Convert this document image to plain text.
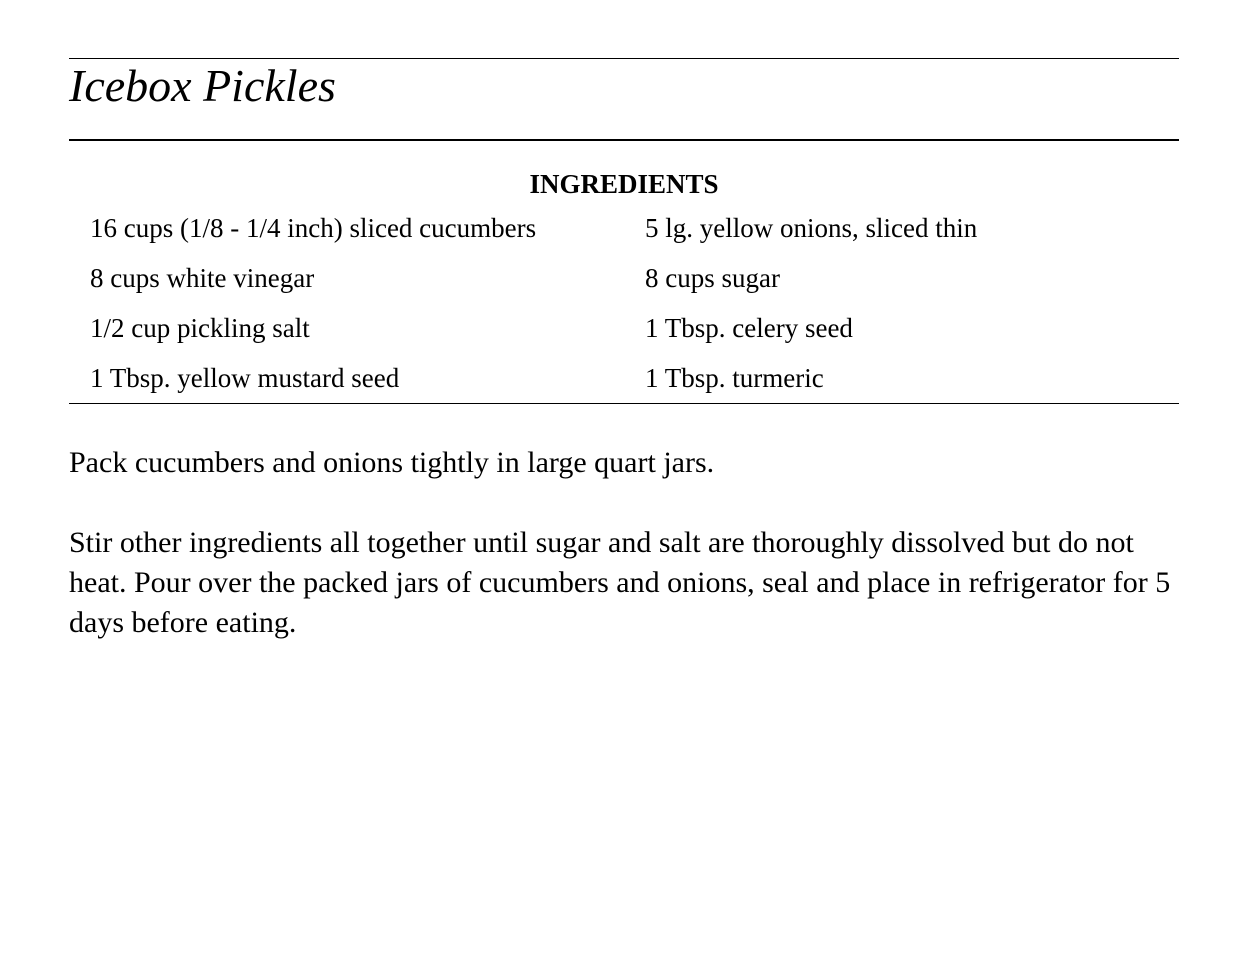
Icebox Pickles
INGREDIENTS
16 cups (1/8 - 1/4 inch) sliced cucumbers	5 lg. yellow onions, sliced thin
8 cups white vinegar	8 cups sugar
1/2 cup pickling salt	1 Tbsp. celery seed
1 Tbsp. yellow mustard seed	1 Tbsp. turmeric

Pack cucumbers and onions tightly in large quart jars.

Stir other ingredients all together until sugar and salt are thoroughly dissolved but do not heat. Pour over the packed jars of cucumbers and onions, seal and place in refrigerator for 5 days before eating.
